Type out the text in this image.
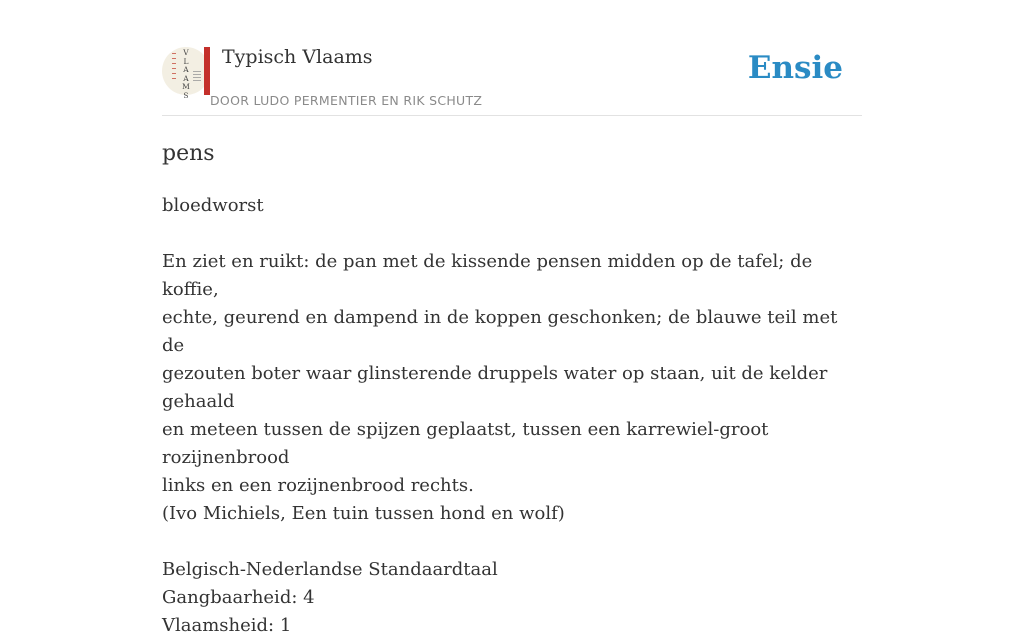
V
L
A
A
M
S
Typisch Vlaams
DOOR LUDO PERMENTIER EN RIK SCHUTZ
Ensie
pens

bloedworst

En ziet en ruikt: de pan met de kissende pensen midden op de tafel; de koffie,

echte, geurend en dampend in de koppen geschonken; de blauwe teil met de

gezouten boter waar glinsterende druppels water op staan, uit de kelder gehaald

en meteen tussen de spijzen geplaatst, tussen een karrewiel-groot rozijnenbrood

links en een rozijnenbrood rechts.

(Ivo Michiels, Een tuin tussen hond en wolf)

Belgisch-Nederlandse Standaardtaal

Gangbaarheid: 4

Vlaamsheid: 1
